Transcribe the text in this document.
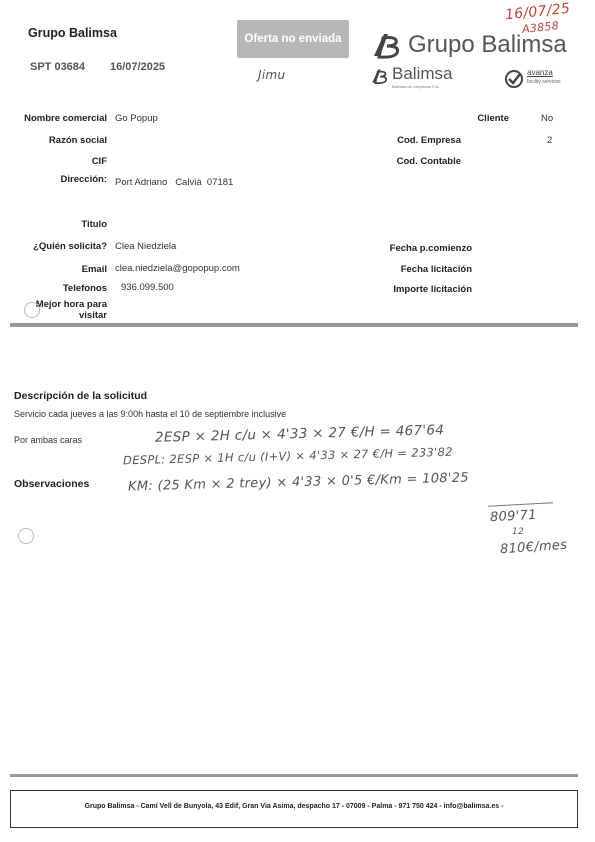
Grupo Balimsa
SPT 03684 16/07/2025
Oferta no enviada
Jimu
16/07/25
A3858
Grupo Balimsa
Balimsa
Balimsa de Limpiezas S.A.
avanza
facility services
Nombre comercial Go Popup
Razón social
CIF
Dirección: Port Adriano   Calvià  07181
Titulo
¿Quién solicita? Clea Niedziela
Email clea.niedziela@gopopup.com
Telefonos 936.099.500
Mejor hora para
visitar
Cliente	No
Cod. Empresa	2
Cod. Contable
Fecha p.comienzo
Fecha licitación
Importe licitación
Descripción de la solicitud
Servicio cada jueves a las 9:00h hasta el 10 de septiembre inclusive
Por ambas caras
Observaciones
2ESP × 2H c/u × 4'33 × 27 €/H = 467'64
DESPL: 2ESP × 1H c/u (I+V) × 4'33 × 27 €/H = 233'82
KM: (25 Km × 2 trey) × 4'33 × 0'5 €/Km = 108'25
809'71
12
810€/mes
Grupo Balimsa - Camí Vell de Bunyola, 43 Edif, Gran Via Asima, despacho 17 - 07009 - Palma - 971 750 424 - info@balimsa.es -
